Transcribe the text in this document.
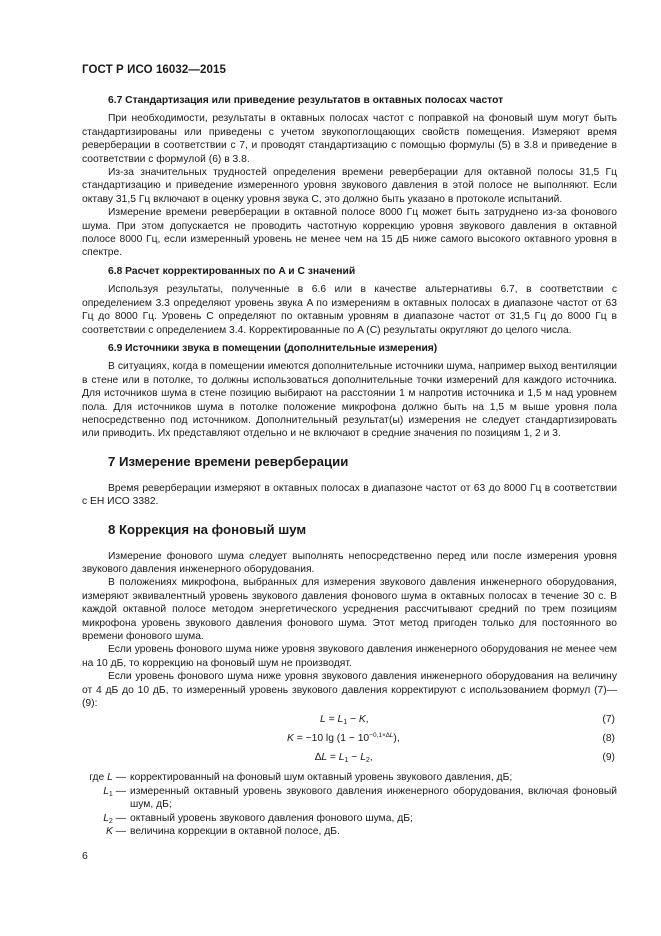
ГОСТ Р ИСО 16032—2015
6.7 Стандартизация или приведение результатов в октавных полосах частот

При необходимости, результаты в октавных полосах частот с поправкой на фоновый шум могут быть стандартизированы или приведены с учетом звукопоглощающих свойств помещения. Измеряют время реверберации в соответствии с 7, и проводят стандартизацию с помощью формулы (5) в 3.8 и приведение в соответствии с формулой (6) в 3.8.

Из-за значительных трудностей определения времени реверберации для октавной полосы 31,5 Гц стандартизацию и приведение измеренного уровня звукового давления в этой полосе не выполняют. Если октаву 31,5 Гц включают в оценку уровня звука C, это должно быть указано в протоколе испытаний.

Измерение времени реверберации в октавной полосе 8000 Гц может быть затруднено из-за фонового шума. При этом допускается не проводить частотную коррекцию уровня звукового давления в октавной полосе 8000 Гц, если измеренный уровень не менее чем на 15 дБ ниже самого высокого октавного уровня в спектре.

6.8 Расчет корректированных по A и C значений

Используя результаты, полученные в 6.6 или в качестве альтернативы 6.7, в соответствии с определением 3.3 определяют уровень звука A по измерениям в октавных полосах в диапазоне частот от 63 Гц до 8000 Гц. Уровень C определяют по октавным уровням в диапазоне частот от 31,5 Гц до 8000 Гц в соответствии с определением 3.4. Корректированные по A (C) результаты округляют до целого числа.

6.9 Источники звука в помещении (дополнительные измерения)

В ситуациях, когда в помещении имеются дополнительные источники шума, например выход вентиляции в стене или в потолке, то должны использоваться дополнительные точки измерений для каждого источника. Для источников шума в стене позицию выбирают на расстоянии 1 м напротив источника и 1,5 м над уровнем пола. Для источников шума в потолке положение микрофона должно быть на 1,5 м выше уровня пола непосредственно под источником. Дополнительный результат(ы) измерения не следует стандартизировать или приводить. Их представляют отдельно и не включают в средние значения по позициям 1, 2 и 3.

7 Измерение времени реверберации

Время реверберации измеряют в октавных полосах в диапазоне частот от 63 до 8000 Гц в соответствии с ЕН ИСО 3382.

8 Коррекция на фоновый шум

Измерение фонового шума следует выполнять непосредственно перед или после измерения уровня звукового давления инженерного оборудования.

В положениях микрофона, выбранных для измерения звукового давления инженерного оборудования, измеряют эквивалентный уровень звукового давления фонового шума в октавных полосах в течение 30 с. В каждой октавной полосе методом энергетического усреднения рассчитывают средний по трем позициям микрофона уровень звукового давления фонового шума. Этот метод пригоден только для постоянного во времени фонового шума.

Если уровень фонового шума ниже уровня звукового давления инженерного оборудования не менее чем на 10 дБ, то коррекцию на фоновый шум не производят.

Если уровень фонового шума ниже уровня звукового давления инженерного оборудования на величину от 4 дБ до 10 дБ, то измеренный уровень звукового давления корректируют с использованием формул (7)—(9):

$L = L_1 - K$,	(7)
K = −10 $\lg (1 - 10^{-0,1\times\Delta L})$,	(8)
$\Delta L = L_1 - L_2$,	(9)
где L — корректированный на фоновый шум октавный уровень звукового давления, дБ;
$L_1$ — измеренный октавный уровень звукового давления инженерного оборудования, включая фоновый шум, дБ;
$L_2$ — октавный уровень звукового давления фонового шума, дБ;
K — величина коррекции в октавной полосе, дБ.
6
